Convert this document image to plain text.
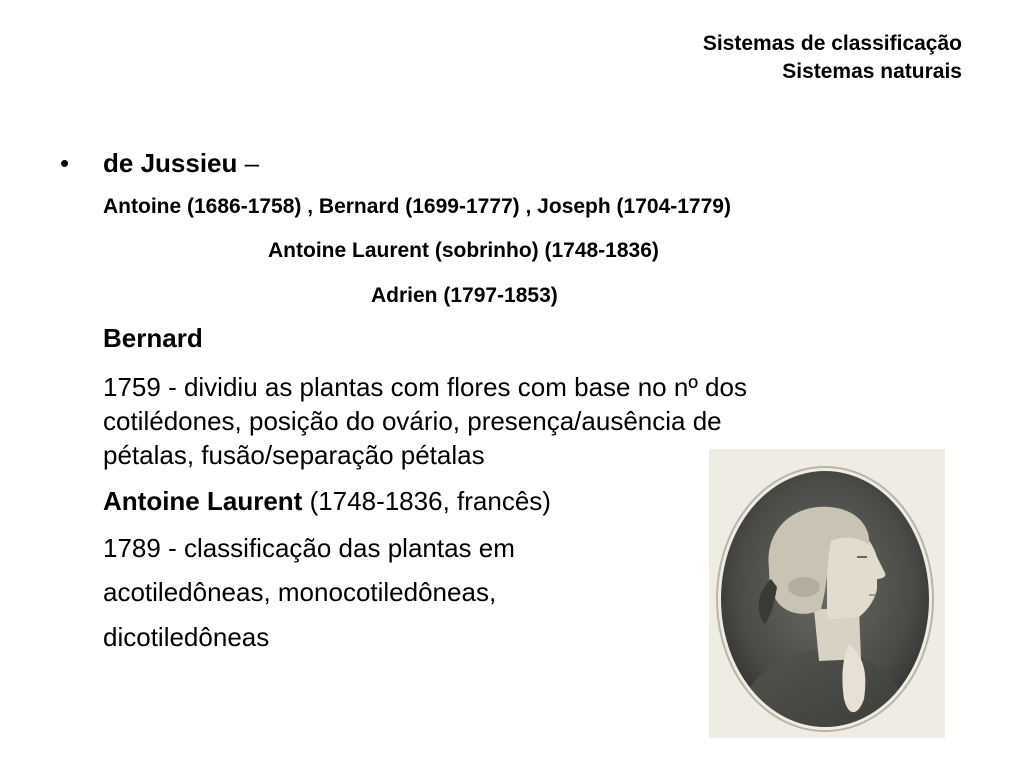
Sistemas de classificação
Sistemas naturais
• de Jussieu –
Antoine (1686-1758) , Bernard (1699-1777) , Joseph (1704-1779)
Antoine Laurent (sobrinho) (1748-1836)
Adrien (1797-1853)
Bernard
1759 - dividiu as plantas com flores com base no nº dos
cotilédones, posição do ovário, presença/ausência de
pétalas, fusão/separação pétalas
Antoine Laurent (1748-1836, francês)
1789 - classificação das plantas em
acotiledôneas, monocotiledôneas,
dicotiledôneas
